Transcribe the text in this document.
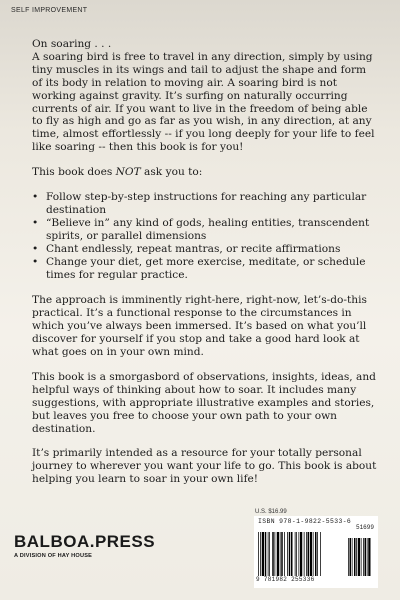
SELF IMPROVEMENT

On soaring . . .
A soaring bird is free to travel in any direction, simply by using tiny muscles in its wings and tail to adjust the shape and form of its body in relation to moving air. A soaring bird is not working against gravity. It’s surfing on naturally occurring currents of air. If you want to live in the freedom of being able to fly as high and go as far as you wish, in any direction, at any time, almost effortlessly -- if you long deeply for your life to feel like soaring -- then this book is for you!

This book does NOT ask you to:

• Follow step-by-step instructions for reaching any particular destination
• “Believe in” any kind of gods, healing entities, transcendent spirits, or parallel dimensions
• Chant endlessly, repeat mantras, or recite affirmations
• Change your diet, get more exercise, meditate, or schedule times for regular practice.

The approach is imminently right-here, right-now, let’s-do-this practical. It’s a functional response to the circumstances in which you’ve always been immersed. It’s based on what you’ll discover for yourself if you stop and take a good hard look at what goes on in your own mind.

This book is a smorgasbord of observations, insights, ideas, and helpful ways of thinking about how to soar. It includes many suggestions, with appropriate illustrative examples and stories, but leaves you free to choose your own path to your own destination.

It’s primarily intended as a resource for your totally personal journey to wherever you want your life to go. This book is about helping you learn to soar in your own life!

U.S. $16.99
ISBN 978-1-9822-5533-6
51699
9 781982 255336
BALBOA.PRESS
A DIVISION OF HAY HOUSE
